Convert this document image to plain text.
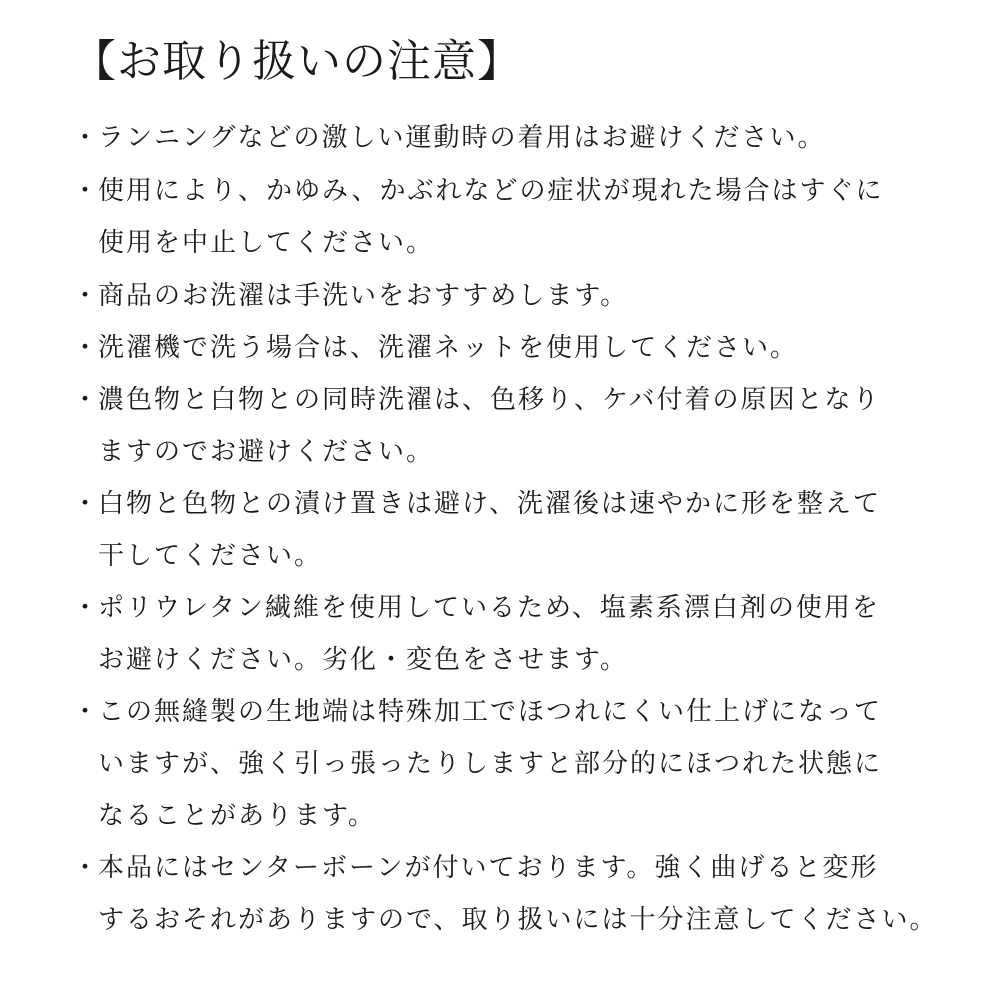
【お取り扱いの注意】
・ランニングなどの激しい運動時の着用はお避けください。
・使用により、かゆみ、かぶれなどの症状が現れた場合はすぐに
使用を中止してください。
・商品のお洗濯は手洗いをおすすめします。
・洗濯機で洗う場合は、洗濯ネットを使用してください。
・濃色物と白物との同時洗濯は、色移り、ケバ付着の原因となり
ますのでお避けください。
・白物と色物との漬け置きは避け、洗濯後は速やかに形を整えて
干してください。
・ポリウレタン繊維を使用しているため、塩素系漂白剤の使用を
お避けください。劣化・変色をさせます。
・この無縫製の生地端は特殊加工でほつれにくい仕上げになって
いますが、強く引っ張ったりしますと部分的にほつれた状態に
なることがあります。
・本品にはセンターボーンが付いております。強く曲げると変形
するおそれがありますので、取り扱いには十分注意してください。
